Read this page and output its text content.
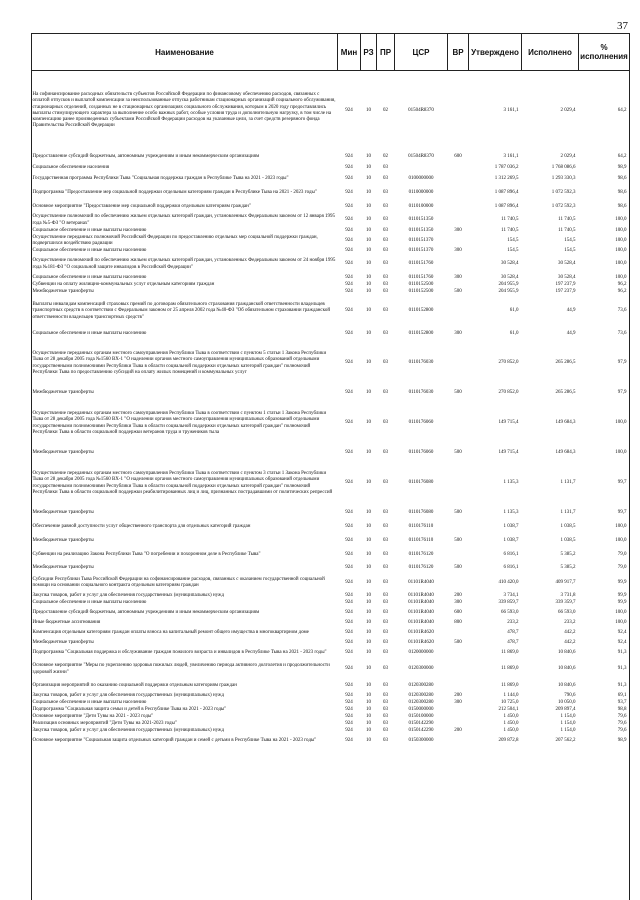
37
Наименование	Мин	РЗ	ПР	ЦСР	ВР	Утверждено	Исполнено	% исполнения
На софинансирование расходных обязательств субъектов Российской Федерации по финансовому обеспечению расходов, связанных с оплатой отпусков и выплатой компенсации за неиспользованные отпуска работникам стационарных организаций социального обслуживания, стационарных отделений, созданных не в стационарных организациях социального обслуживания, которым в 2020 году предоставлялись выплаты стимулирующего характера за выполнение особо важных работ, особые условия труда и дополнительную нагрузку, в том числе на компенсацию ранее произведенных субъектами Российской Федерации расходов на указанные цели, за счет средств резервного фонда Правительства Российской Федерации	924	10	02	01504R8370		3 161,1	2 029,4	64,2
Предоставление субсидий бюджетным, автономным учреждениям и иным некоммерческим организациям	924	10	02	01504R8370	600	3 161,1	2 029,4	64,2
Социальное обеспечение населения	924	10	03			1 787 036,2	1 768 086,6	98,9
Государственная программа Республики Тыва "Социальная поддержка граждан в Республике Тыва на 2021 - 2023 годы"	924	10	03	0100000000		1 312 269,5	1 293 330,3	98,6
Подпрограмма "Предоставление мер социальной поддержки отдельным категориям граждан в Республике Тыва на 2021 - 2023 годы"	924	10	03	0110000000		1 087 896,4	1 072 592,3	98,6
Основное мероприятие "Предоставление мер социальной поддержки отдельным категориям граждан"	924	10	03	0110100000		1 087 896,4	1 072 592,3	98,6
Осуществление полномочий по обеспечению жильем отдельных категорий граждан, установленных Федеральным законом от 12 января 1995 года №5-ФЗ "О ветеранах"	924	10	03	0110151350		11 740,5	11 740,5	100,0
Социальное обеспечение и иные выплаты населению	924	10	03	0110151350	300	11 740,5	11 740,5	100,0
Осуществление переданных полномочий Российской Федерации по предоставлению отдельных мер социальной поддержки граждан, подвергшихся воздействию радиации	924	10	03	0110151370		154,5	154,5	100,0
Социальное обеспечение и иные выплаты населению	924	10	03	0110151370	300	154,5	154,5	100,0
Осуществление полномочий по обеспечению жильем отдельных категорий граждан, установленных Федеральным законом от 24 ноября 1995 года №181-ФЗ "О социальной защите инвалидов в Российской Федерации"	924	10	03	0110151760		30 528,4	30 528,4	100,0
Социальное обеспечение и иные выплаты населению	924	10	03	0110151760	300	30 528,4	30 528,4	100,0
Субвенции на оплату жилищно-коммунальных услуг отдельным категориям граждан	924	10	03	0110152500		204 955,9	197 237,9	96,2
Межбюджетные трансферты	924	10	03	0110152500	500	204 955,9	197 237,9	96,2
Выплаты инвалидам компенсаций страховых премий по договорам обязательного страхования гражданской ответственности владельцев транспортных средств в соответствии с Федеральным законом от 25 апреля 2002 года №40-ФЗ "Об обязательном страховании гражданской ответственности владельцев транспортных средств"	924	10	03	0110152800		61,0	44,9	73,6
Социальное обеспечение и иные выплаты населению	924	10	03	0110152800	300	61,0	44,9	73,6
Осуществление переданных органам местного самоуправления Республики Тыва в соответствии с пунктом 5 статьи 1 Закона Республики Тыва от 28 декабря 2005 года №1560 ВХ-1 "О наделении органов местного самоуправления муниципальных образований отдельными государственными полномочиями Республики Тыва в области социальной поддержки отдельных категорий граждан" полномочий Республики Тыва по предоставлению субсидий на оплату жилых помещений и коммунальных услуг	924	10	03	0110176030		270 852,0	265 286,5	97,9
Межбюджетные трансферты	924	10	03	0110176030	500	270 852,0	265 286,5	97,9
Осуществление переданных органам местного самоуправления Республики Тыва в соответствии с пунктом 1 статьи 1 Закона Республики Тыва от 28 декабря 2005 года №1560 ВХ-1 "О наделении органов местного самоуправления муниципальных образований отдельными государственными полномочиями Республики Тыва в области социальной поддержки отдельных категорий граждан" полномочий Республики Тыва в области социальной поддержки ветеранов труда и тружеников тыла	924	10	03	0110176060		149 715,4	149 684,3	100,0
Межбюджетные трансферты	924	10	03	0110176060	500	149 715,4	149 684,3	100,0
Осуществление переданных органам местного самоуправления Республики Тыва в соответствии с пунктом 3 статьи 1 Закона Республики Тыва от 28 декабря 2005 года №1560 ВХ-1 "О наделении органов местного самоуправления муниципальных образований отдельными государственными полномочиями Республики Тыва в области социальной поддержки отдельных категорий граждан" полномочий Республики Тыва в области социальной поддержки реабилитированных лиц и лиц, признанных пострадавшими от политических репрессий	924	10	03	0110176080		1 135,3	1 131,7	99,7
Межбюджетные трансферты	924	10	03	0110176080	500	1 135,3	1 131,7	99,7
Обеспечение равной доступности услуг общественного транспорта для отдельных категорий граждан	924	10	03	0110176110		1 038,7	1 038,5	100,0
Межбюджетные трансферты	924	10	03	0110176110	500	1 038,7	1 038,5	100,0
Субвенции на реализацию Закона Республики Тыва "О погребении и похоронном деле в Республике Тыва"	924	10	03	0110176120		6 816,1	5 385,2	79,0
Межбюджетные трансферты	924	10	03	0110176120	500	6 816,1	5 385,2	79,0
Субсидии Республики Тыва Российской Федерации на софинансирование расходов, связанных с оказанием государственной социальной помощи на основании социального контракта отдельным категориям граждан	924	10	03	01101R4040		410 420,0	409 917,7	99,9
Закупка товаров, работ и услуг для обеспечения государственных (муниципальных) нужд	924	10	03	01101R4040	200	3 734,1	3 731,8	99,9
Социальное обеспечение и иные выплаты населению	924	10	03	01101R4040	300	339 859,7	339 359,7	99,9
Предоставление субсидий бюджетным, автономным учреждениям и иным некоммерческим организациям	924	10	03	01101R4040	600	66 593,0	66 593,0	100,0
Иные бюджетные ассигнования	924	10	03	01101R4040	800	233,2	233,2	100,0
Компенсация отдельным категориям граждан оплаты взноса на капитальный ремонт общего имущества в многоквартирном доме	924	10	03	01101R4620		478,7	442,2	92,4
Межбюджетные трансферты	924	10	03	01101R4620	500	478,7	442,2	92,4
Подпрограмма "Социальная поддержка и обслуживание граждан пожилого возраста и инвалидов в Республике Тыва на 2021 - 2023 годы"	924	10	03	0120000000		11 869,0	10 840,6	91,3
Основное мероприятие "Меры по укреплению здоровья пожилых людей, увеличению периода активного долголетия и продолжительности здоровой жизни"	924	10	03	0120300000		11 869,0	10 840,6	91,3
Организация мероприятий по оказанию социальной поддержки отдельным категориям граждан	924	10	03	0120300280		11 869,0	10 840,6	91,3
Закупка товаров, работ и услуг для обеспечения государственных (муниципальных) нужд	924	10	03	0120300280	200	1 144,0	790,6	69,1
Социальное обеспечение и иные выплаты населению	924	10	03	0120300280	300	10 725,0	10 050,0	93,7
Подпрограмма "Социальная защита семьи и детей в Республике Тыва на 2021 - 2023 годы"	924	10	03	0150000000		212 504,1	209 897,4	98,8
Основное мероприятие "Дети Тувы на 2021 - 2023 годы"	924	10	03	0150100000		1 450,0	1 154,0	79,6
Реализация основных мероприятий "Дети Тувы на 2021-2023 годы"	924	10	03	0150142290		1 450,0	1 154,0	79,6
Закупка товаров, работ и услуг для обеспечения государственных (муниципальных) нужд	924	10	03	0150142290	200	1 450,0	1 154,0	79,6
Основное мероприятие "Социальная защита отдельных категорий граждан и семей с детьми в Республике Тыва на 2021 - 2023 годы"	924	10	03	0150300000		209 872,8	207 562,2	98,9
